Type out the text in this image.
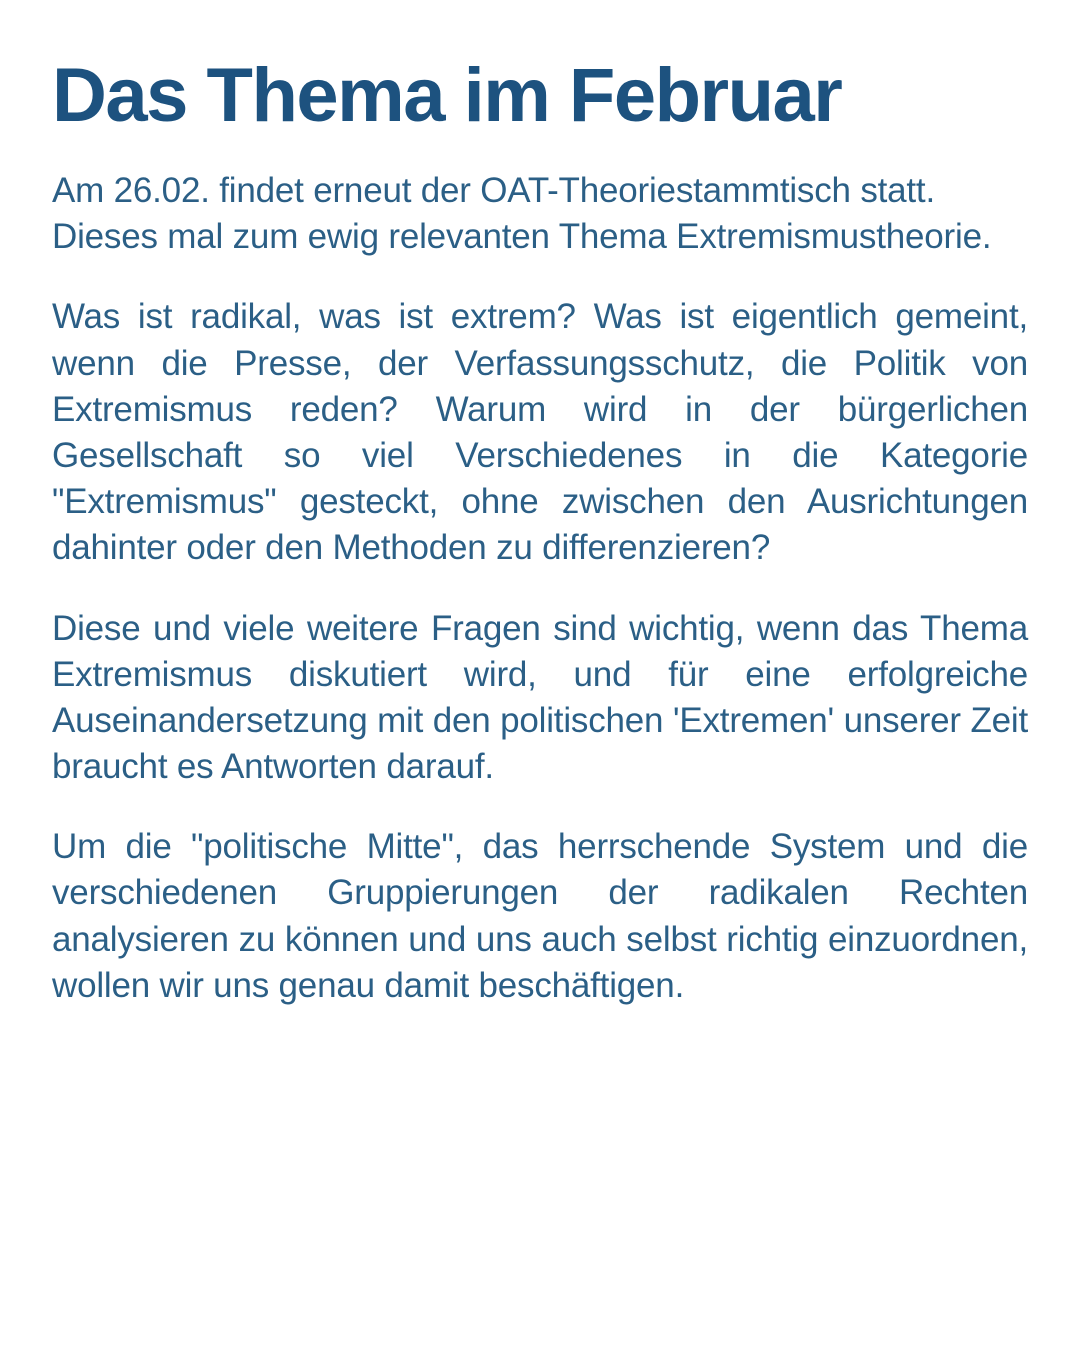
Das Thema im Februar

Am 26.02. findet erneut der OAT-Theoriestammtisch statt. Dieses mal zum ewig relevanten Thema Extremismustheorie.

Was ist radikal, was ist extrem? Was ist eigentlich gemeint, wenn die Presse, der Verfassungsschutz, die Politik von Extremismus reden? Warum wird in der bürgerlichen Gesellschaft so viel Verschiedenes in die Kategorie "Extremismus" gesteckt, ohne zwischen den Ausrichtungen dahinter oder den Methoden zu differenzieren?

Diese und viele weitere Fragen sind wichtig, wenn das Thema Extremismus diskutiert wird, und für eine erfolgreiche Auseinandersetzung mit den politischen 'Extremen' unserer Zeit braucht es Antworten darauf.

Um die "politische Mitte", das herrschende System und die verschiedenen Gruppierungen der radikalen Rechten analysieren zu können und uns auch selbst richtig einzuordnen, wollen wir uns genau damit beschäftigen.
